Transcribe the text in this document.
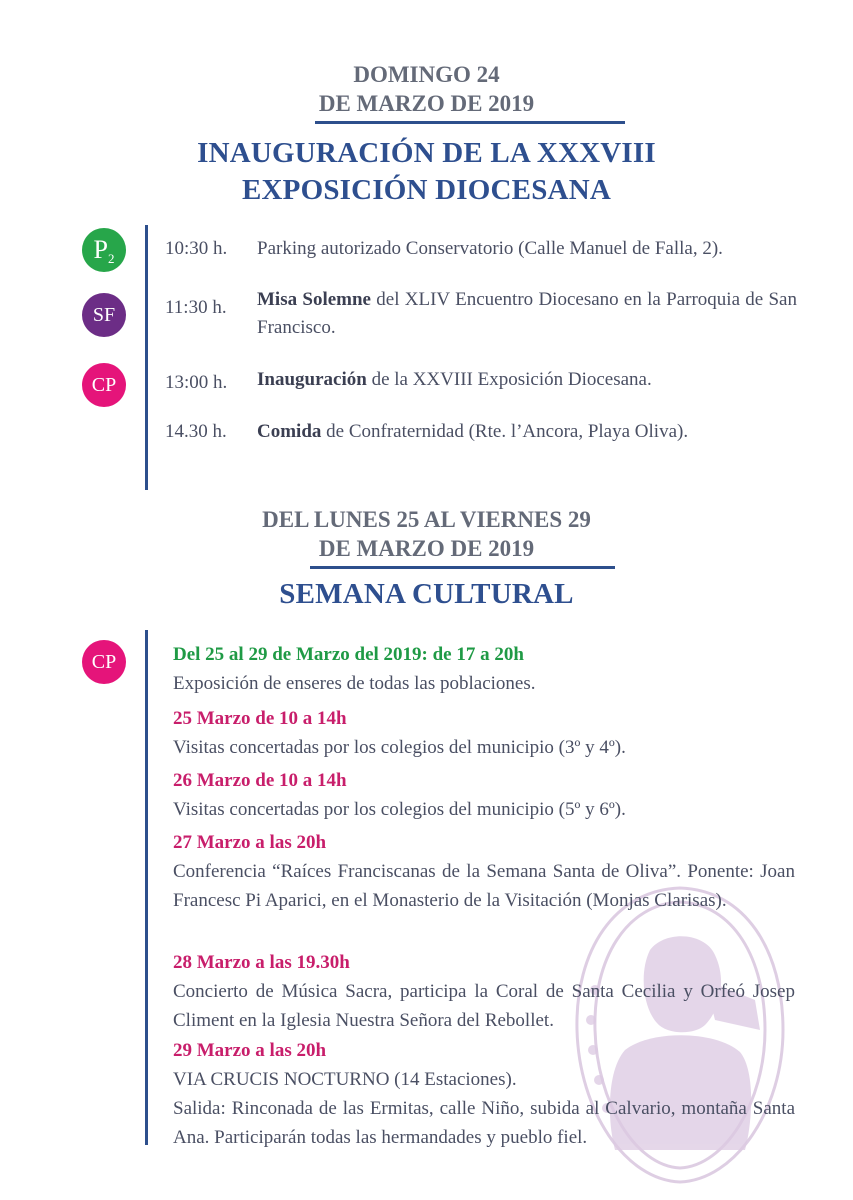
DOMINGO 24
DE MARZO DE 2019
INAUGURACIÓN DE LA XXXVIII
EXPOSICIÓN DIOCESANA
$P_2$	10:30 h. Parking autorizado Conservatorio (Calle Manuel de Falla, 2).
SF	11:30 h. Misa Solemne del XLIV Encuentro Diocesano en la Parroquia de San Francisco.
CP	13:00 h. Inauguración de la XXVIII Exposición Diocesana.
14.30 h. Comida de Confraternidad (Rte. l’Ancora, Playa Oliva).
DEL LUNES 25 AL VIERNES 29
DE MARZO DE 2019
SEMANA CULTURAL
CP	Del 25 al 29 de Marzo del 2019: de 17 a 20h
Exposición de enseres de todas las poblaciones.
25 Marzo de 10 a 14h
Visitas concertadas por los colegios del municipio (3º y 4º).
26 Marzo de 10 a 14h
Visitas concertadas por los colegios del municipio (5º y 6º).
27 Marzo a las 20h
Conferencia “Raíces Franciscanas de la Semana Santa de Oliva”. Ponente: Joan Francesc Pi Aparici, en el Monasterio de la Visitación (Monjas Clarisas).
28 Marzo a las 19.30h
Concierto de Música Sacra, participa la Coral de Santa Cecilia y Orfeó Josep Climent en la Iglesia Nuestra Señora del Rebollet.
29 Marzo a las 20h
VIA CRUCIS NOCTURNO (14 Estaciones).
Salida: Rinconada de las Ermitas, calle Niño, subida al Calvario, montaña Santa Ana. Participarán todas las hermandades y pueblo fiel.
